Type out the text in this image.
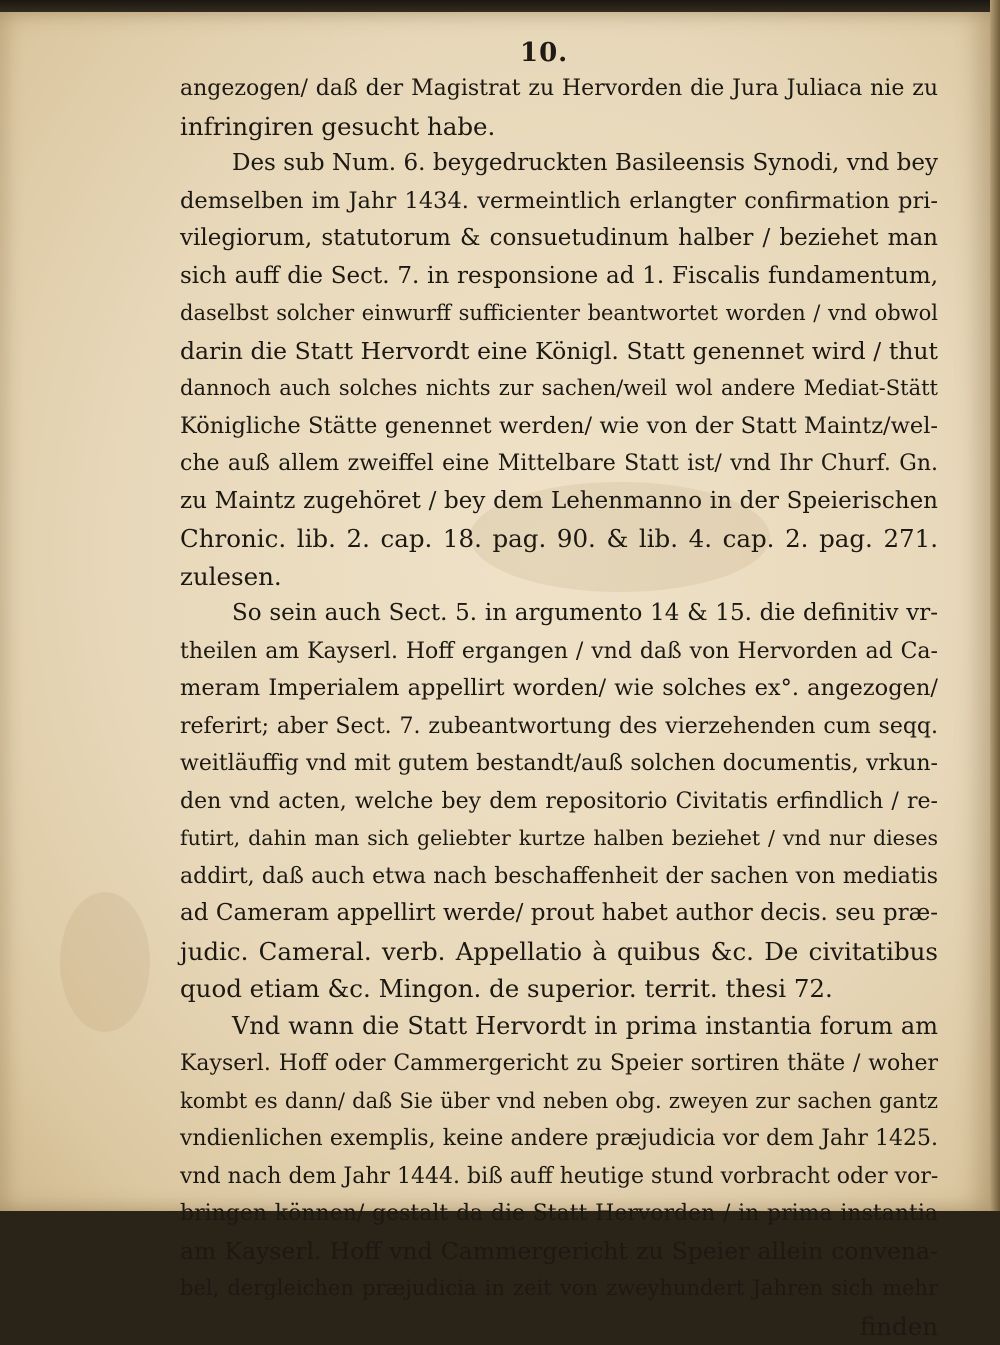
10.
angezogen/ daß der Magistrat zu Hervorden die Jura Juliaca nie zu
infringiren gesucht habe.
Des sub Num. 6. beygedruckten Basileensis Synodi, vnd bey
demselben im Jahr 1434. vermeintlich erlangter confirmation pri-
vilegiorum, statutorum & consuetudinum halber / beziehet man
sich auff die Sect. 7. in responsione ad 1. Fiscalis fundamentum,
daselbst solcher einwurff sufficienter beantwortet worden / vnd obwol
darin die Statt Hervordt eine Königl. Statt genennet wird / thut
dannoch auch solches nichts zur sachen/weil wol andere Mediat-Stätt
Königliche Stätte genennet werden/ wie von der Statt Maintz/wel-
che auß allem zweiffel eine Mittelbare Statt ist/ vnd Ihr Churf. Gn.
zu Maintz zugehöret / bey dem Lehenmanno in der Speierischen
Chronic. lib. 2. cap. 18. pag. 90. & lib. 4. cap. 2. pag. 271.
zulesen.
So sein auch Sect. 5. in argumento 14 & 15. die definitiv vr-
theilen am Kayserl. Hoff ergangen / vnd daß von Hervorden ad Ca-
meram Imperialem appellirt worden/ wie solches ex°. angezogen/
referirt; aber Sect. 7. zubeantwortung des vierzehenden cum seqq.
weitläuffig vnd mit gutem bestandt/auß solchen documentis, vrkun-
den vnd acten, welche bey dem repositorio Civitatis erfindlich / re-
futirt, dahin man sich geliebter kurtze halben beziehet / vnd nur dieses
addirt, daß auch etwa nach beschaffenheit der sachen von mediatis
ad Cameram appellirt werde/ prout habet author decis. seu præ-
judic. Cameral. verb. Appellatio à quibus &c. De civitatibus
quod etiam &c. Mingon. de superior. territ. thesi 72.
Vnd wann die Statt Hervordt in prima instantia forum am
Kayserl. Hoff oder Cammergericht zu Speier sortiren thäte / woher
kombt es dann/ daß Sie über vnd neben obg. zweyen zur sachen gantz
vndienlichen exemplis, keine andere præjudicia vor dem Jahr 1425.
vnd nach dem Jahr 1444. biß auff heutige stund vorbracht oder vor-
bringen können/ gestalt da die Statt Hervorden / in prima instantia
am Kayserl. Hoff vnd Cammergericht zu Speier allein convena-
bel, dergleichen præjudicia in zeit von zweyhundert Jahren sich mehr
finden
